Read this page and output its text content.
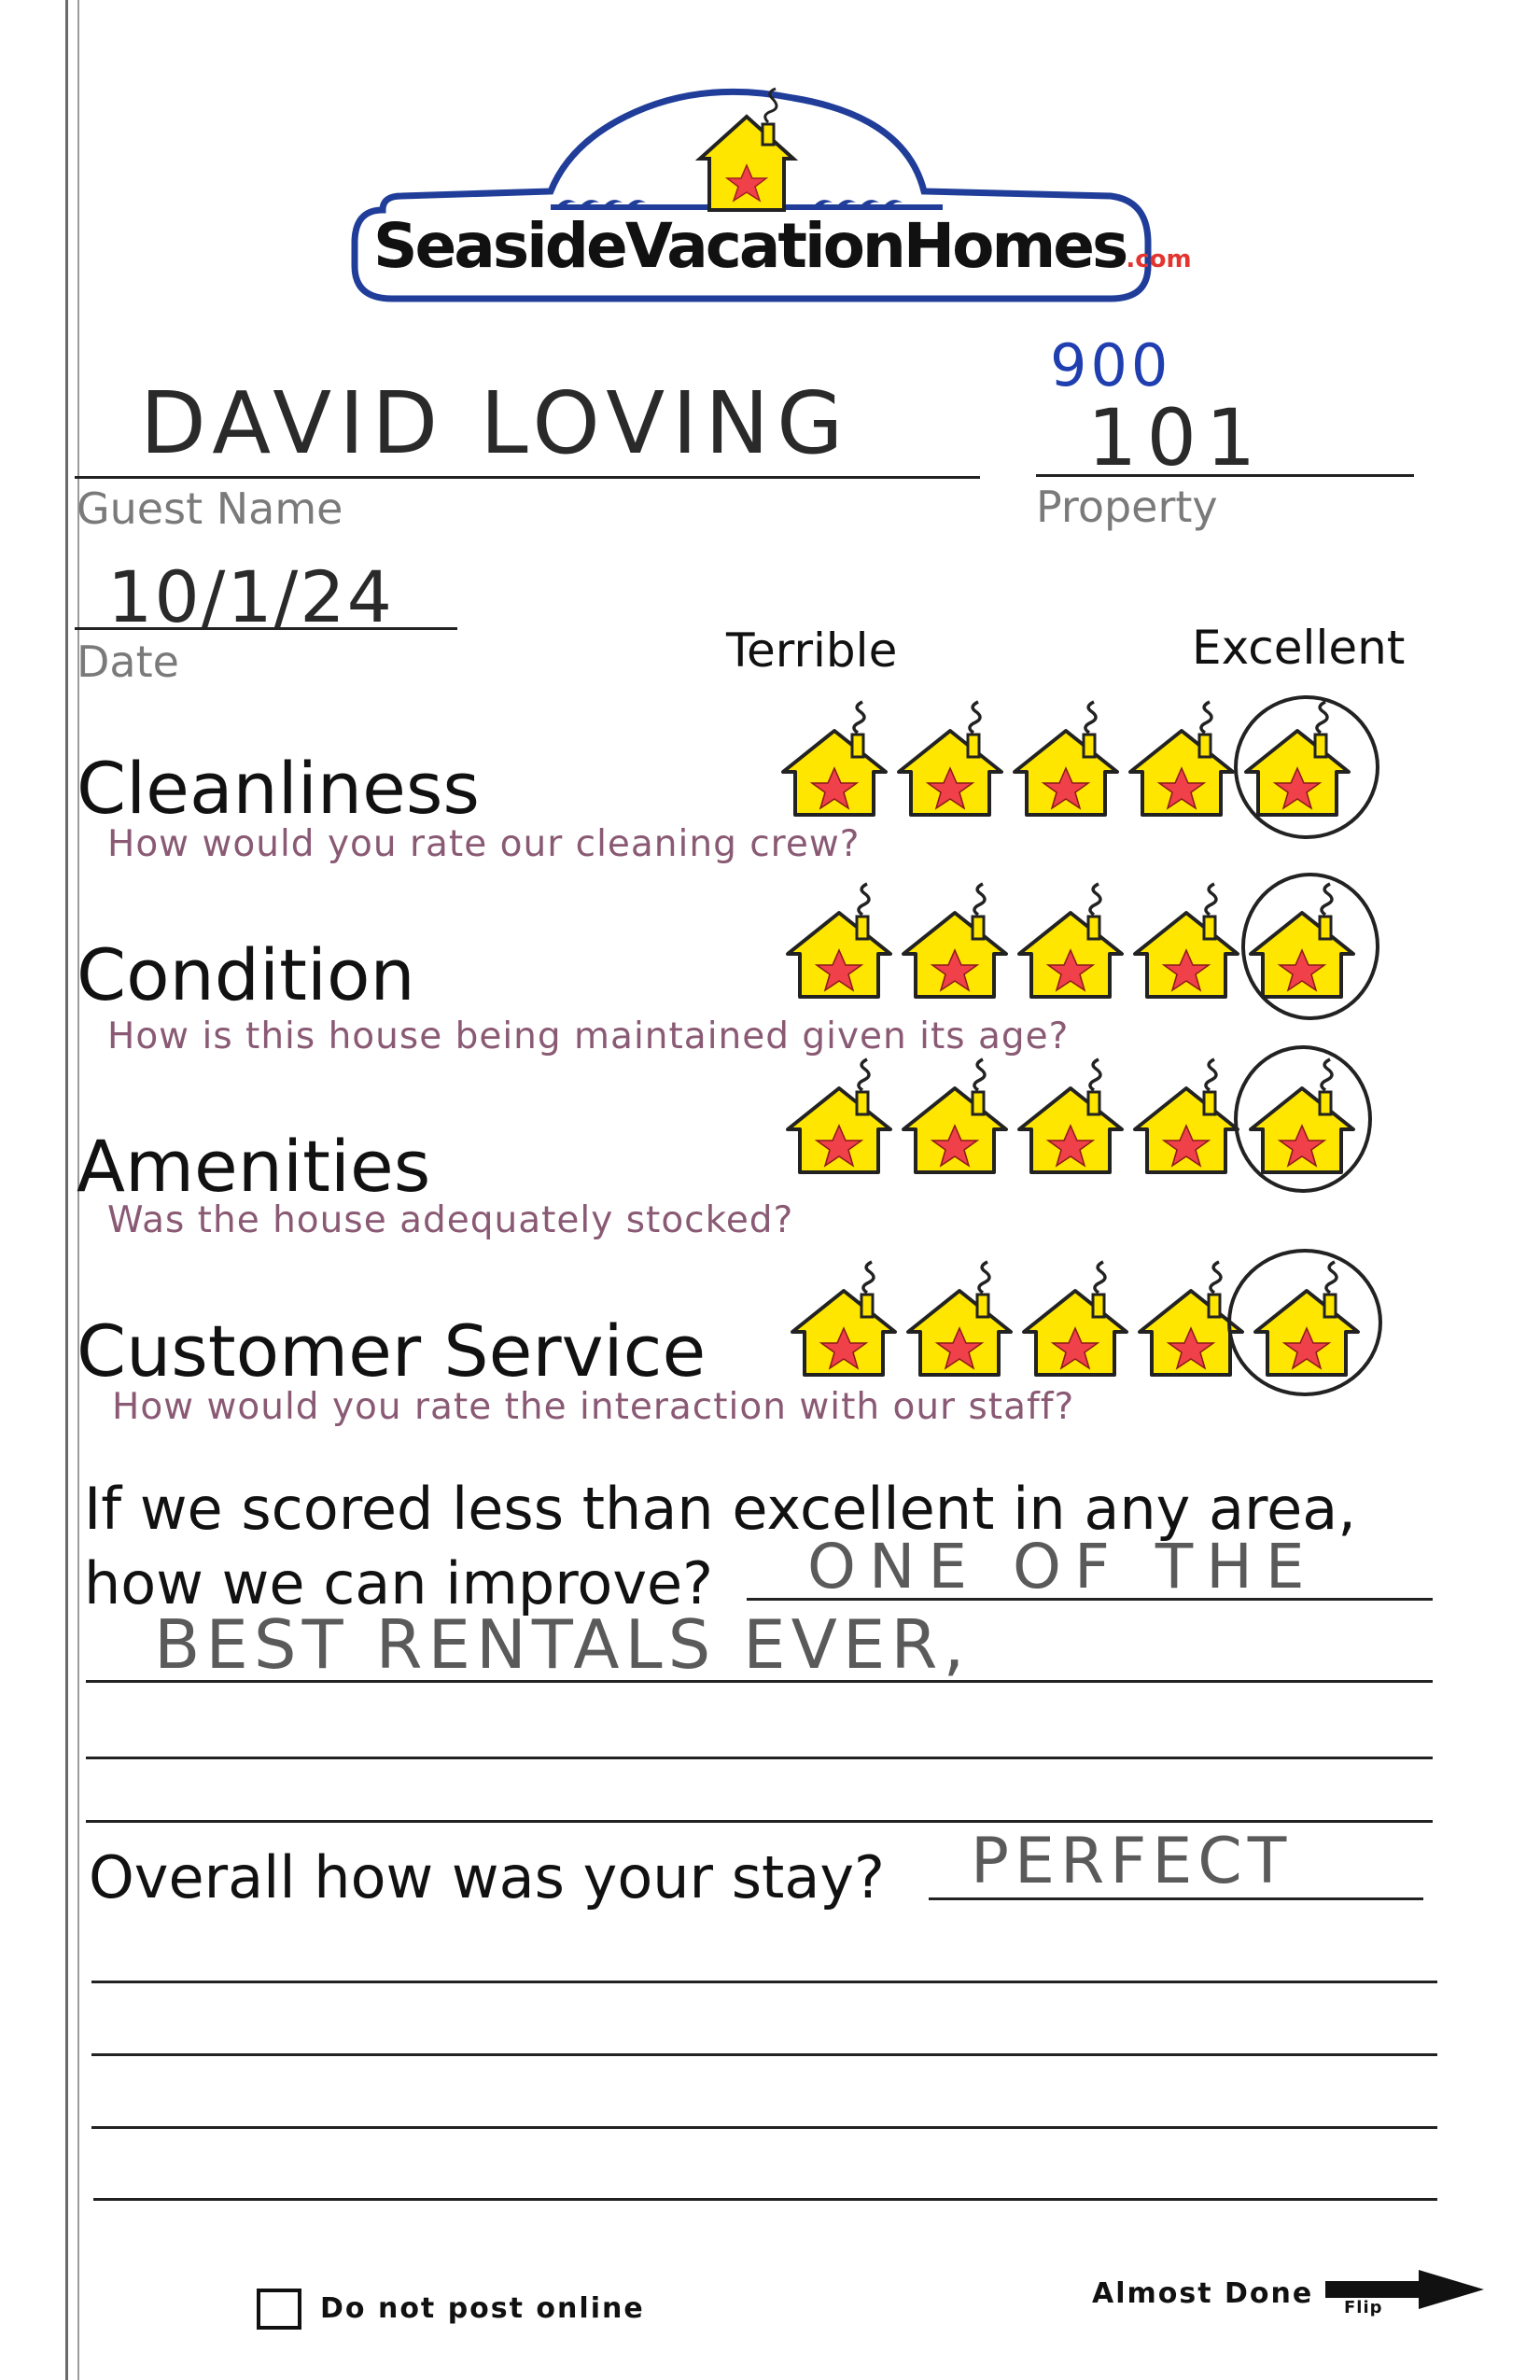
SeasideVacationHomes.com
DAVID LOVING
Guest Name
900
101
Property
10/1/24
Date	Terrible	Excellent
Cleanliness
How would you rate our cleaning crew?
Condition
How is this house being maintained given its age?
Amenities
Was the house adequately stocked?
Customer Service
How would you rate the interaction with our staff?
If we scored less than excellent in any area,
how we can improve? ONE OF THE
BEST RENTALS EVER,
Overall how was your stay? PERFECT
Do not post online	Almost Done Flip
